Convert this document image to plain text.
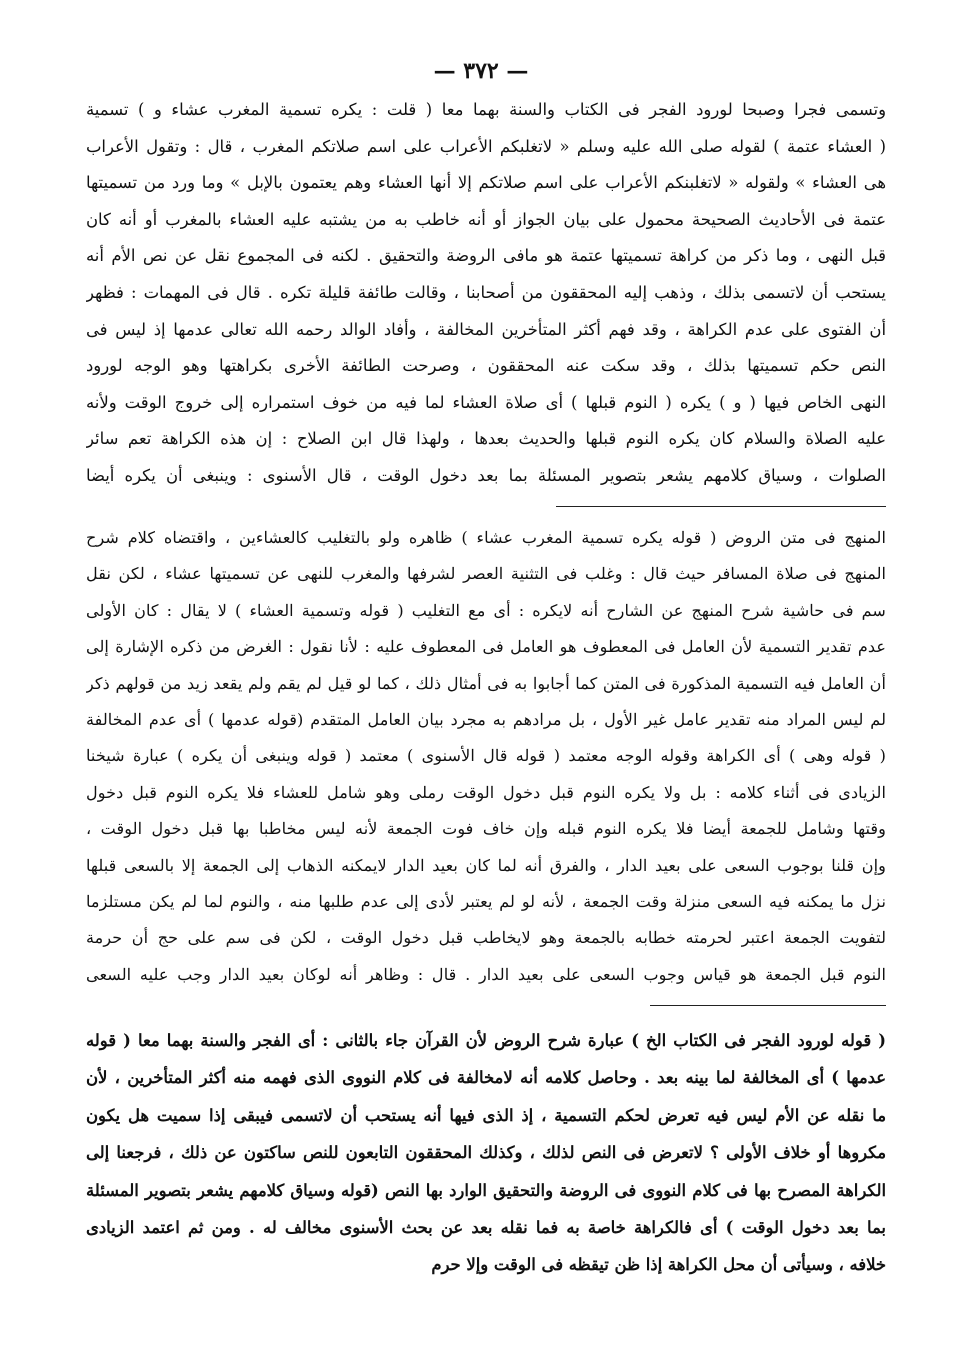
— ٣٧٢ —
وتسمى فجرا وصبحا لورود الفجر فى الكتاب والسنة بهما معا ( قلت : يكره تسمية المغرب عشاء و ) تسمية
( العشاء عتمة ) لقوله صلى الله عليه وسلم « لاتغلبكم الأعراب على اسم صلاتكم المغرب ، قال : وتقول الأعراب
هى العشاء » ولقوله « لاتغلبنكم الأعراب على اسم صلاتكم إلا أنها العشاء وهم يعتمون بالإبل » وما ورد من تسميتها
عتمة فى الأحاديث الصحيحة محمول على بيان الجواز أو أنه خاطب به من يشتبه عليه العشاء بالمغرب أو أنه كان
قبل النهى ، وما ذكر من كراهة تسميتها عتمة هو مافى الروضة والتحقيق . لكنه فى المجموع نقل عن نص الأم أنه
يستحب أن لاتسمى بذلك ، وذهب إليه المحققون من أصحابنا ، وقالت طائفة قليلة تكره . قال فى المهمات : فظهر
أن الفتوى على عدم الكراهة ، وقد فهم أكثر المتأخرين المخالفة ، وأفاد الوالد رحمه الله تعالى عدمها إذ ليس فى
النص حكم تسميتها بذلك ، وقد سكت عنه المحققون ، وصرحت الطائفة الأخرى بكراهتها وهو الوجه لورود
النهى الخاص فيها ( و ) يكره ( النوم قبلها ) أى صلاة العشاء لما فيه من خوف استمراره إلى خروج الوقت ولأنه
عليه الصلاة والسلام كان يكره النوم قبلها والحديث بعدها ، ولهذا قال ابن الصلاح : إن هذه الكراهة تعم سائر
الصلوات ، وسياق كلامهم يشعر بتصوير المسئلة بما بعد دخول الوقت ، قال الأسنوى : وينبغى أن يكره أيضا
المنهج فى متن الروض ( قوله يكره تسمية المغرب عشاء ) ظاهره ولو بالتغليب كالعشاءين ، واقتضاه كلام شرح
المنهج فى صلاة المسافر حيث قال : وغلب فى التثنية العصر لشرفها والمغرب للنهى عن تسميتها عشاء ، لكن نقل
سم فى حاشية شرح المنهج عن الشارح أنه لايكره : أى مع التغليب ( قوله وتسمية العشاء ) لا يقال : كان الأولى
عدم تقدير التسمية لأن العامل فى المعطوف هو العامل فى المعطوف عليه : لأنا نقول : الغرض من ذكره الإشارة إلى
أن العامل فيه التسمية المذكورة فى المتن كما أجابوا به فى أمثال ذلك ، كما لو قيل لم يقم ولم يقعد زيد من قولهم ذكر
لم ليس المراد منه تقدير عامل غير الأول ، بل مرادهم به مجرد بيان العامل المتقدم (قوله عدمها ) أى عدم المخالفة
( قوله وهى ) أى الكراهة وقوله الوجه معتمد ( قوله قال الأسنوى ) معتمد ( قوله وينبغى أن يكره ) عبارة شيخنا
الزيادى فى أثناء كلامه : بل ولا يكره النوم قبل دخول الوقت رملى وهو شامل للعشاء فلا يكره النوم قبل دخول
وقتها وشامل للجمعة أيضا فلا يكره النوم قبله وإن خاف فوت الجمعة لأنه ليس مخاطبا بها قبل دخول الوقت ،
وإن قلنا بوجوب السعى على بعيد الدار ، والفرق أنه لما كان بعيد الدار لايمكنه الذهاب إلى الجمعة إلا بالسعى قبلها
نزل ما يمكنه فيه السعى منزلة وقت الجمعة ، لأنه لو لم يعتبر لأدى إلى عدم طلبها منه ، والنوم لما لم يكن مستلزما
لتفويت الجمعة اعتبر لحرمته خطابه بالجمعة وهو لايخاطب قبل دخول الوقت ، لكن فى سم على حج أن حرمة
النوم قبل الجمعة هو قياس وجوب السعى على بعيد الدار . قال : وظاهر أنه لوكان بعيد الدار وجب عليه السعى
( قوله لورود الفجر فى الكتاب الخ ) عبارة شرح الروض لأن القرآن جاء بالثانى : أى الفجر والسنة بهما معا ( قوله
عدمها ) أى المخالفة لما بينه بعد . وحاصل كلامه أنه لامخالفة فى كلام النووى الذى فهمه منه أكثر المتأخرين ، لأن
ما نقله عن الأم ليس فيه تعرض لحكم التسمية ، إذ الذى فيها أنه يستحب أن لاتسمى فيبقى إذا سميت هل يكون
مكروها أو خلاف الأولى ؟ لاتعرض فى النص لذلك ، وكذلك المحققون التابعون للنص ساكتون عن ذلك ، فرجعنا إلى
الكراهة المصرح بها فى كلام النووى فى الروضة والتحقيق الوارد بها النص (قوله وسياق كلامهم يشعر بتصوير المسئلة
بما بعد دخول الوقت ) أى فالكراهة خاصة به فما نقله بعد عن بحث الأسنوى مخالف له . ومن ثم اعتمد الزيادى
خلافه ، وسيأتى أن محل الكراهة إذا ظن تيقظه فى الوقت وإلا حرم
